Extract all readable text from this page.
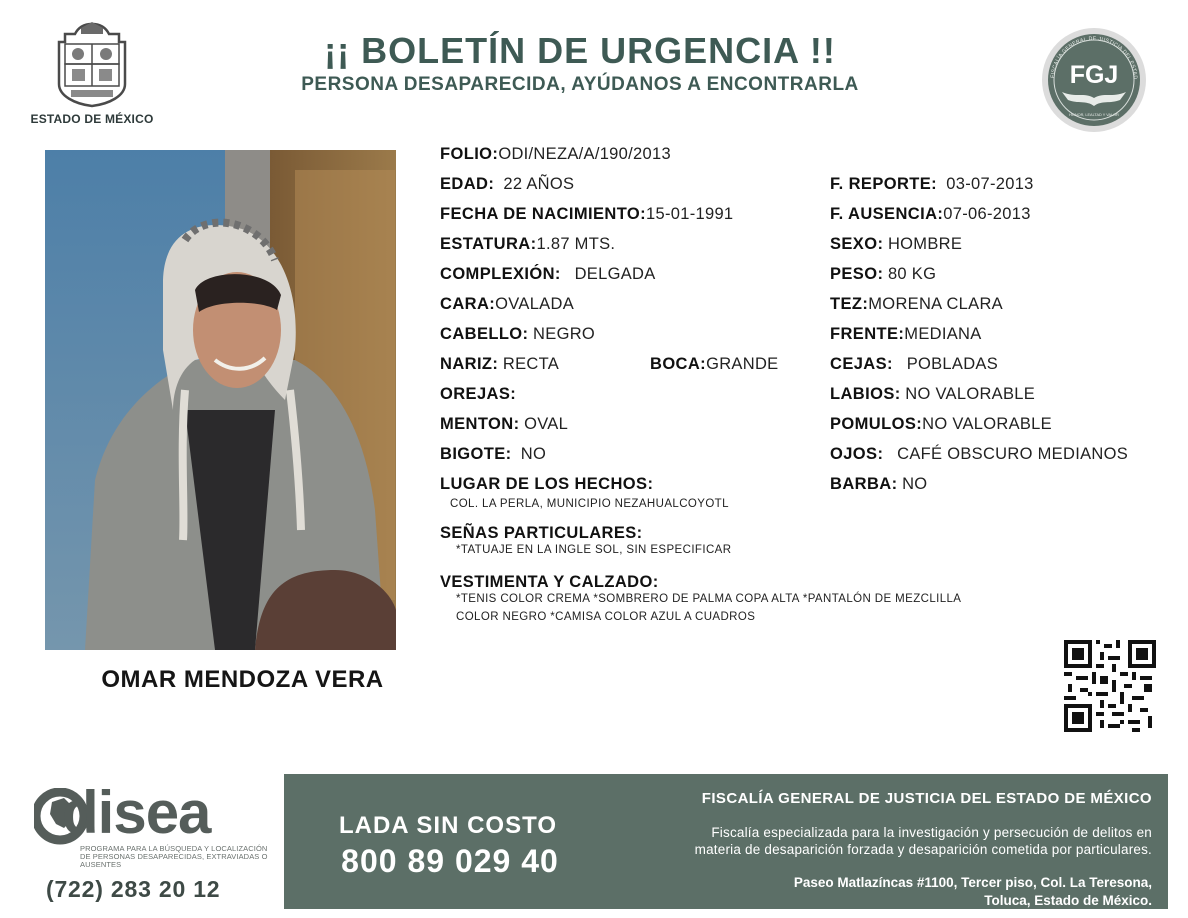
ESTADO DE MÉXICO
¡¡ BOLETÍN DE URGENCIA !!
PERSONA DESAPARECIDA, AYÚDANOS A ENCONTRARLA	FISCALÍA GENERAL DE JUSTICIA DEL ESTAD
FGJ
HONOR, LEALTAD Y VALOR
OMAR MENDOZA VERA
FOLIO:ODI/NEZA/A/190/2013
EDAD: 22 AÑOS
FECHA DE NACIMIENTO:15-01-1991
ESTATURA:1.87 MTS.
COMPLEXIÓN: DELGADA
CARA:OVALADA
CABELLO: NEGRO
NARIZ: RECTA	BOCA:GRANDE
OREJAS:
MENTON: OVAL
BIGOTE: NO
F. REPORTE: 03-07-2013
F. AUSENCIA:07-06-2013
SEXO: HOMBRE
PESO: 80 KG
TEZ:MORENA CLARA
FRENTE:MEDIANA
CEJAS: POBLADAS
LABIOS: NO VALORABLE
POMULOS:NO VALORABLE
OJOS: CAFÉ OBSCURO MEDIANOS
BARBA: NO
LUGAR DE LOS HECHOS:
COL. LA PERLA, MUNICIPIO NEZAHUALCOYOTL
SEÑAS PARTICULARES:
*TATUAJE EN LA INGLE SOL, SIN ESPECIFICAR
VESTIMENTA Y CALZADO:
*TENIS COLOR CREMA *SOMBRERO DE PALMA COPA ALTA *PANTALÓN DE MEZCLILLA
COLOR NEGRO *CAMISA COLOR AZUL A CUADROS
disea
PROGRAMA PARA LA BÚSQUEDA Y LOCALIZACIÓN DE PERSONAS DESAPARECIDAS, EXTRAVIADAS O AUSENTES
(722) 283 20 12
LADA SIN COSTO
800 89 029 40
FISCALÍA GENERAL DE JUSTICIA DEL ESTADO DE MÉXICO
Fiscalía especializada para la investigación y persecución de delitos en
materia de desaparición forzada y desaparición cometida por particulares.
Paseo Matlazíncas #1100, Tercer piso, Col. La Teresona,
Toluca, Estado de México.
